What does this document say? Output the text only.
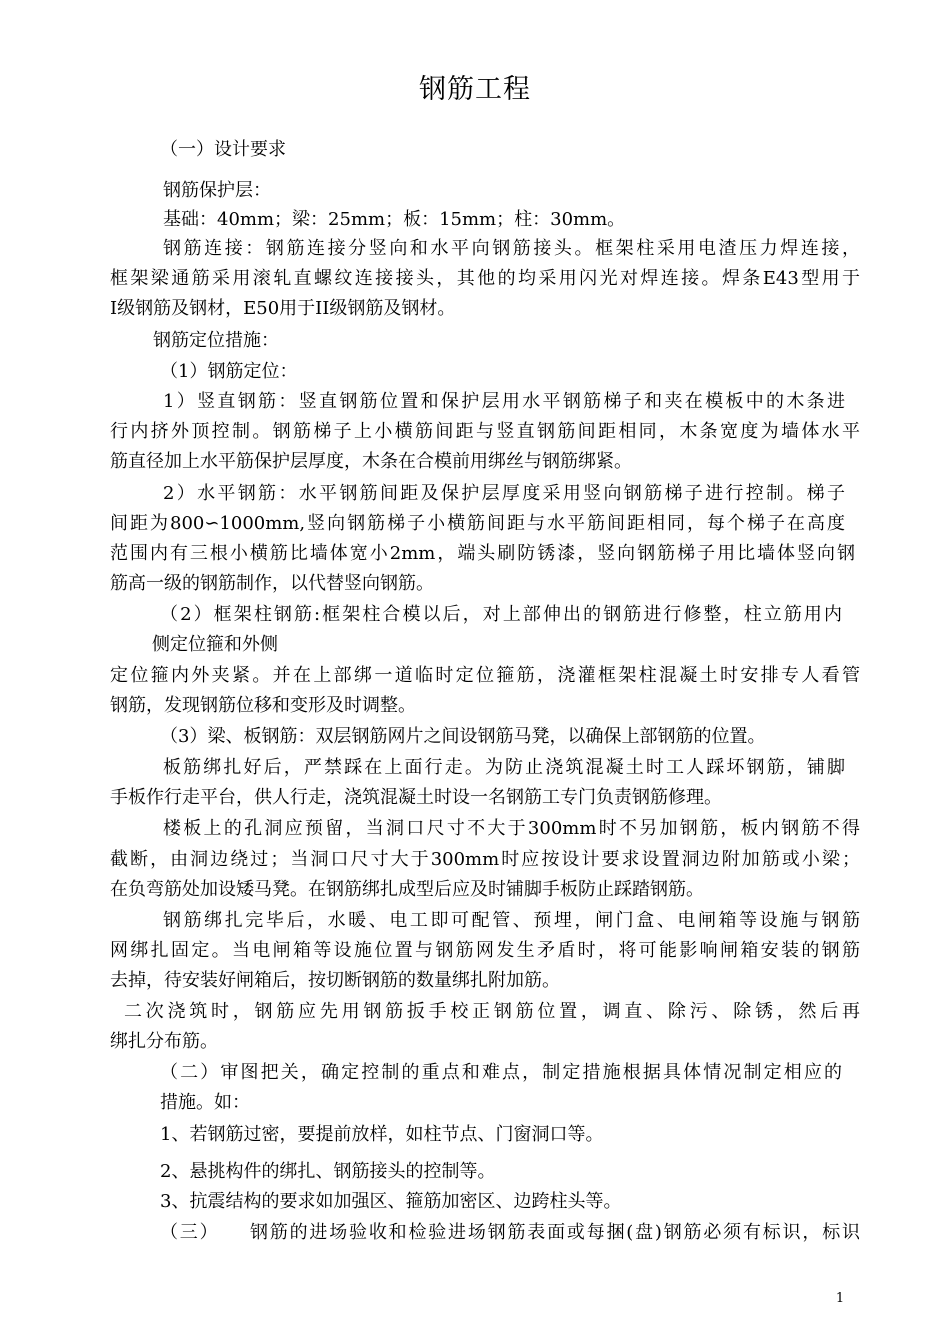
钢筋工程
（一）设计要求
钢筋保护层：
基础：40mm；梁：25mm；板：15mm；柱：30mm。
钢筋连接：钢筋连接分竖向和水平向钢筋接头。框架柱采用电渣压力焊连接，
框架梁通筋采用滚轧直螺纹连接接头，其他的均采用闪光对焊连接。焊条E43型用于
I级钢筋及钢材，E50用于II级钢筋及钢材。
钢筋定位措施：
（1）钢筋定位：
1）竖直钢筋：竖直钢筋位置和保护层用水平钢筋梯子和夹在模板中的木条进
行内挤外顶控制。钢筋梯子上小横筋间距与竖直钢筋间距相同，木条宽度为墙体水平
筋直径加上水平筋保护层厚度，木条在合模前用绑丝与钢筋绑紧。
2）水平钢筋：水平钢筋间距及保护层厚度采用竖向钢筋梯子进行控制。梯子
间距为800∽1000mm,竖向钢筋梯子小横筋间距与水平筋间距相同，每个梯子在高度
范围内有三根小横筋比墙体宽小2mm，端头刷防锈漆，竖向钢筋梯子用比墙体竖向钢
筋高一级的钢筋制作，以代替竖向钢筋。
（2）框架柱钢筋:框架柱合模以后，对上部伸出的钢筋进行修整，柱立筋用内
侧定位箍和外侧
定位箍内外夹紧。并在上部绑一道临时定位箍筋，浇灌框架柱混凝土时安排专人看管
钢筋，发现钢筋位移和变形及时调整。
（3）梁、板钢筋：双层钢筋网片之间设钢筋马凳，以确保上部钢筋的位置。
板筋绑扎好后，严禁踩在上面行走。为防止浇筑混凝土时工人踩坏钢筋，铺脚
手板作行走平台，供人行走，浇筑混凝土时设一名钢筋工专门负责钢筋修理。
楼板上的孔洞应预留，当洞口尺寸不大于300mm时不另加钢筋，板内钢筋不得
截断，由洞边绕过；当洞口尺寸大于300mm时应按设计要求设置洞边附加筋或小梁；
在负弯筋处加设矮马凳。在钢筋绑扎成型后应及时铺脚手板防止踩踏钢筋。
钢筋绑扎完毕后，水暖、电工即可配管、预埋，闸门盒、电闸箱等设施与钢筋
网绑扎固定。当电闸箱等设施位置与钢筋网发生矛盾时，将可能影响闸箱安装的钢筋
去掉，待安装好闸箱后，按切断钢筋的数量绑扎附加筋。
二次浇筑时，钢筋应先用钢筋扳手校正钢筋位置，调直、除污、除锈，然后再
绑扎分布筋。
（二）审图把关，确定控制的重点和难点，制定措施根据具体情况制定相应的
措施。如：
1、若钢筋过密，要提前放样，如柱节点、门窗洞口等。
2、悬挑构件的绑扎、钢筋接头的控制等。
3、抗震结构的要求如加强区、箍筋加密区、边跨柱头等。
（三）　　钢筋的进场验收和检验进场钢筋表面或每捆(盘)钢筋必须有标识，标识
1
